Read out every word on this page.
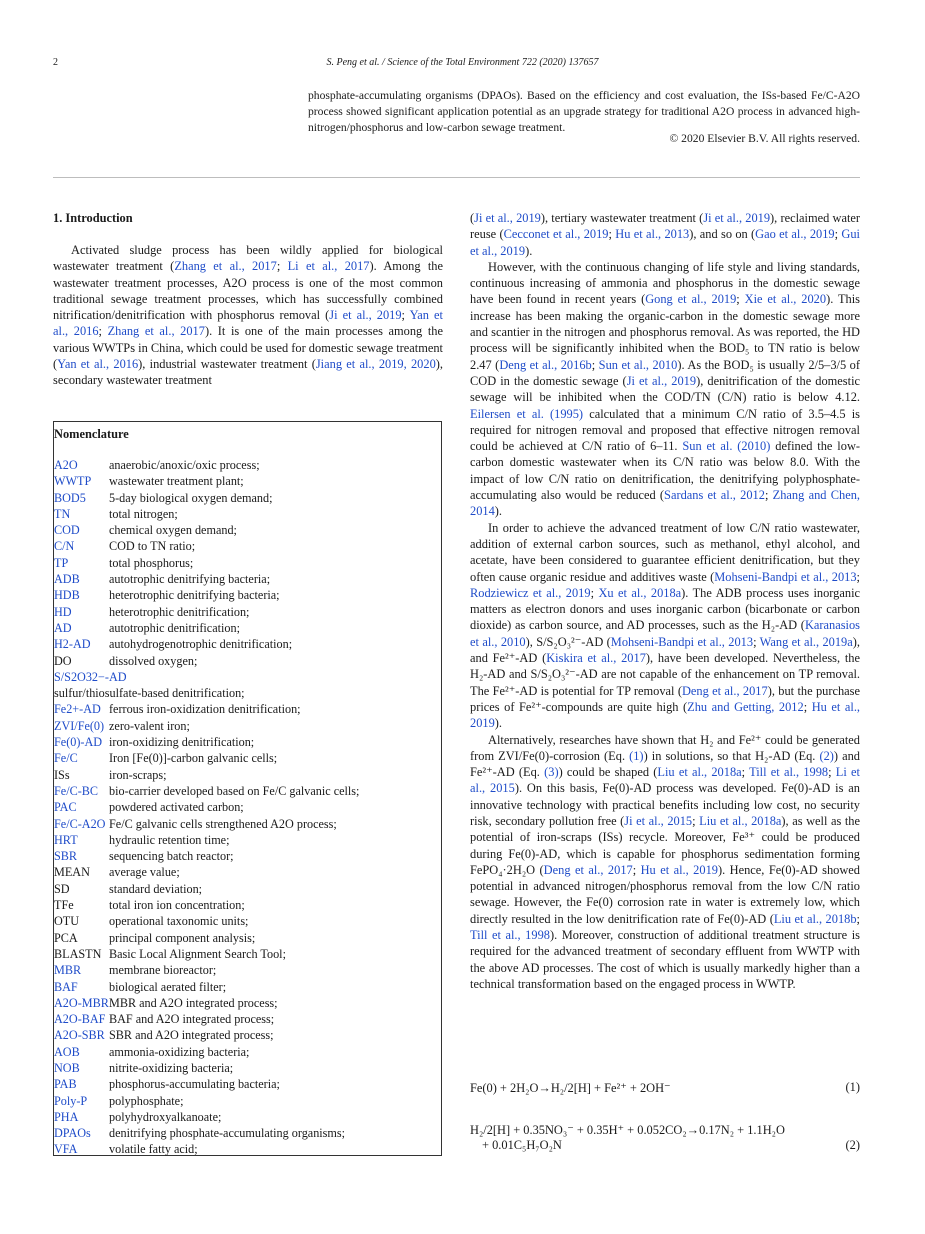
2	S. Peng et al. / Science of the Total Environment 722 (2020) 137657
phosphate-accumulating organisms (DPAOs). Based on the efficiency and cost evaluation, the ISs-based Fe/C-A2O process showed significant application potential as an upgrade strategy for traditional A2O process in advanced high-nitrogen/phosphorus and low-carbon sewage treatment.
© 2020 Elsevier B.V. All rights reserved.
1. Introduction

Activated sludge process has been wildly applied for biological wastewater treatment (Zhang et al., 2017; Li et al., 2017). Among the wastewater treatment processes, A2O process is one of the most common traditional sewage treatment processes, which has successfully combined nitrification/denitrification with phosphorus removal (Ji et al., 2019; Yan et al., 2016; Zhang et al., 2017). It is one of the main processes among the various WWTPs in China, which could be used for domestic sewage treatment (Yan et al., 2016), industrial wastewater treatment (Jiang et al., 2019, 2020), secondary wastewater treatment

Nomenclature
A2O	anaerobic/anoxic/oxic process;
WWTP	wastewater treatment plant;
BOD5	5-day biological oxygen demand;
TN	total nitrogen;
COD	chemical oxygen demand;
C/N	COD to TN ratio;
TP	total phosphorus;
ADB	autotrophic denitrifying bacteria;
HDB	heterotrophic denitrifying bacteria;
HD	heterotrophic denitrification;
AD	autotrophic denitrification;
H2-AD	autohydrogenotrophic denitrification;
DO	dissolved oxygen;
S/S2O32−-AD
sulfur/thiosulfate-based denitrification;
Fe2+-AD ferrous iron-oxidization denitrification;
ZVI/Fe(0) zero-valent iron;
Fe(0)-AD iron-oxidizing denitrification;
Fe/C	Iron [Fe(0)]-carbon galvanic cells;
ISs	iron-scraps;
Fe/C-BC bio-carrier developed based on Fe/C galvanic cells;
PAC	powdered activated carbon;
Fe/C-A2O Fe/C galvanic cells strengthened A2O process;
HRT	hydraulic retention time;
SBR	sequencing batch reactor;
MEAN	average value;
SD	standard deviation;
TFe	total iron ion concentration;
OTU	operational taxonomic units;
PCA	principal component analysis;
BLASTN Basic Local Alignment Search Tool;
MBR	membrane bioreactor;
BAF	biological aerated filter;
A2O-MBR MBR and A2O integrated process;
A2O-BAF BAF and A2O integrated process;
A2O-SBR SBR and A2O integrated process;
AOB	ammonia-oxidizing bacteria;
NOB	nitrite-oxidizing bacteria;
PAB	phosphorus-accumulating bacteria;
Poly-P	polyphosphate;
PHA	polyhydroxyalkanoate;
DPAOs	denitrifying phosphate-accumulating organisms;
VFA	volatile fatty acid;

(Ji et al., 2019), tertiary wastewater treatment (Ji et al., 2019), reclaimed water reuse (Cecconet et al., 2019; Hu et al., 2013), and so on (Gao et al., 2019; Gui et al., 2019).

However, with the continuous changing of life style and living standards, continuous increasing of ammonia and phosphorus in the domestic sewage have been found in recent years (Gong et al., 2019; Xie et al., 2020). This increase has been making the organic-carbon in the domestic sewage more and scantier in the nitrogen and phosphorus removal. As was reported, the HD process will be significantly inhibited when the BOD₅ to TN ratio is below 2.47 (Deng et al., 2016b; Sun et al., 2010). As the BOD₅ is usually 2/5–3/5 of COD in the domestic sewage (Ji et al., 2019), denitrification of the domestic sewage will be inhibited when the COD/TN (C/N) ratio is below 4.12. Eilersen et al. (1995) calculated that a minimum C/N ratio of 3.5–4.5 is required for nitrogen removal and proposed that effective nitrogen removal could be achieved at C/N ratio of 6–11. Sun et al. (2010) defined the low-carbon domestic wastewater when its C/N ratio was below 8.0. With the impact of low C/N ratio on denitrification, the denitrifying polyphosphate-accumulating also would be reduced (Sardans et al., 2012; Zhang and Chen, 2014).

In order to achieve the advanced treatment of low C/N ratio wastewater, addition of external carbon sources, such as methanol, ethyl alcohol, and acetate, have been considered to guarantee efficient denitrification, but they often cause organic residue and additives waste (Mohseni-Bandpi et al., 2013; Rodziewicz et al., 2019; Xu et al., 2018a). The ADB process uses inorganic matters as electron donors and uses inorganic carbon (bicarbonate or carbon dioxide) as carbon source, and AD processes, such as the H₂-AD (Karanasios et al., 2010), S/S₂O₃²⁻-AD (Mohseni-Bandpi et al., 2013; Wang et al., 2019a), and Fe²⁺-AD (Kiskira et al., 2017), have been developed. Nevertheless, the H₂-AD and S/S₂O₃²⁻-AD are not capable of the enhancement on TP removal. The Fe²⁺-AD is potential for TP removal (Deng et al., 2017), but the purchase prices of Fe²⁺-compounds are quite high (Zhu and Getting, 2012; Hu et al., 2019).

Alternatively, researches have shown that H₂ and Fe²⁺ could be generated from ZVI/Fe(0)-corrosion (Eq. (1)) in solutions, so that H₂-AD (Eq. (2)) and Fe²⁺-AD (Eq. (3)) could be shaped (Liu et al., 2018a; Till et al., 1998; Li et al., 2015). On this basis, Fe(0)-AD process was developed. Fe(0)-AD is an innovative technology with practical benefits including low cost, no security risk, secondary pollution free (Ji et al., 2015; Liu et al., 2018a), as well as the potential of iron-scraps (ISs) recycle. Moreover, Fe³⁺ could be produced during Fe(0)-AD, which is capable for phosphorus sedimentation forming FePO₄·2H₂O (Deng et al., 2017; Hu et al., 2019). Hence, Fe(0)-AD showed potential in advanced nitrogen/phosphorus removal from the low C/N ratio sewage. However, the Fe(0) corrosion rate in water is extremely low, which directly resulted in the low denitrification rate of Fe(0)-AD (Liu et al., 2018b; Till et al., 1998). Moreover, construction of additional treatment structure is required for the advanced treatment of secondary effluent from WWTP with the above AD processes. The cost of which is usually markedly higher than a technical transformation based on the engaged process in WWTP.

Fe(0) + 2H₂O→H₂/2[H] + Fe²⁺ + 2OH⁻	(1)
H₂/2[H] + 0.35NO₃⁻ + 0.35H⁺ + 0.052CO₂→0.17N₂ + 1.1H₂O
+ 0.01C₅H₇O₂N	(2)
